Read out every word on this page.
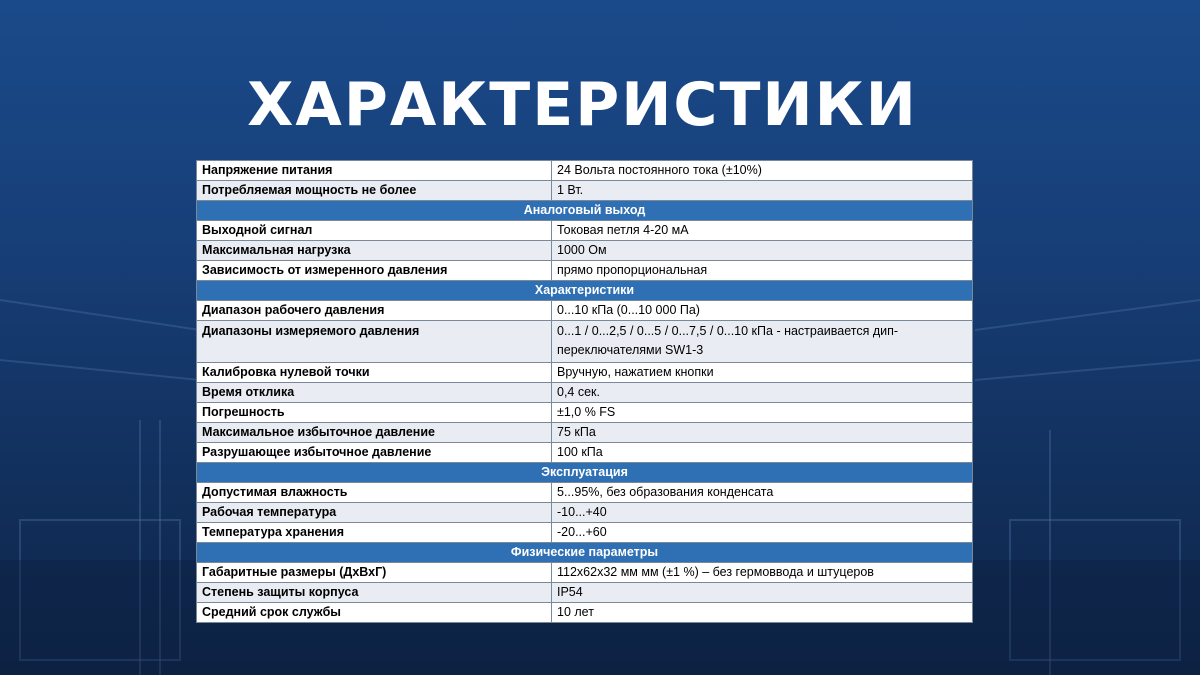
ХАРАКТЕРИСТИКИ
Напряжение питания	24 Вольта постоянного тока (±10%)
Потребляемая мощность не более	1 Вт.
Аналоговый выход	
Выходной сигнал	Токовая петля 4-20 мА
Максимальная нагрузка	1000 Ом
Зависимость от измеренного давления	прямо пропорциональная
Характеристики	
Диапазон рабочего давления	0...10 кПа (0...10 000 Па)
Диапазоны измеряемого давления	0...1 / 0...2,5 / 0...5 / 0...7,5 / 0...10 кПа - настраивается дип-переключателями SW1-3
Калибровка нулевой точки	Вручную, нажатием кнопки
Время отклика	0,4 сек.
Погрешность	±1,0 % FS
Максимальное избыточное давление	75 кПа
Разрушающее избыточное давление	100 кПа
Эксплуатация	
Допустимая влажность	5...95%, без образования конденсата
Рабочая температура	-10...+40
Температура хранения	-20...+60
Физические параметры	
Габаритные размеры (ДхВхГ)	112х62х32 мм мм (±1 %) – без гермоввода и штуцеров
Степень защиты корпуса	IP54
Средний срок службы	10 лет
